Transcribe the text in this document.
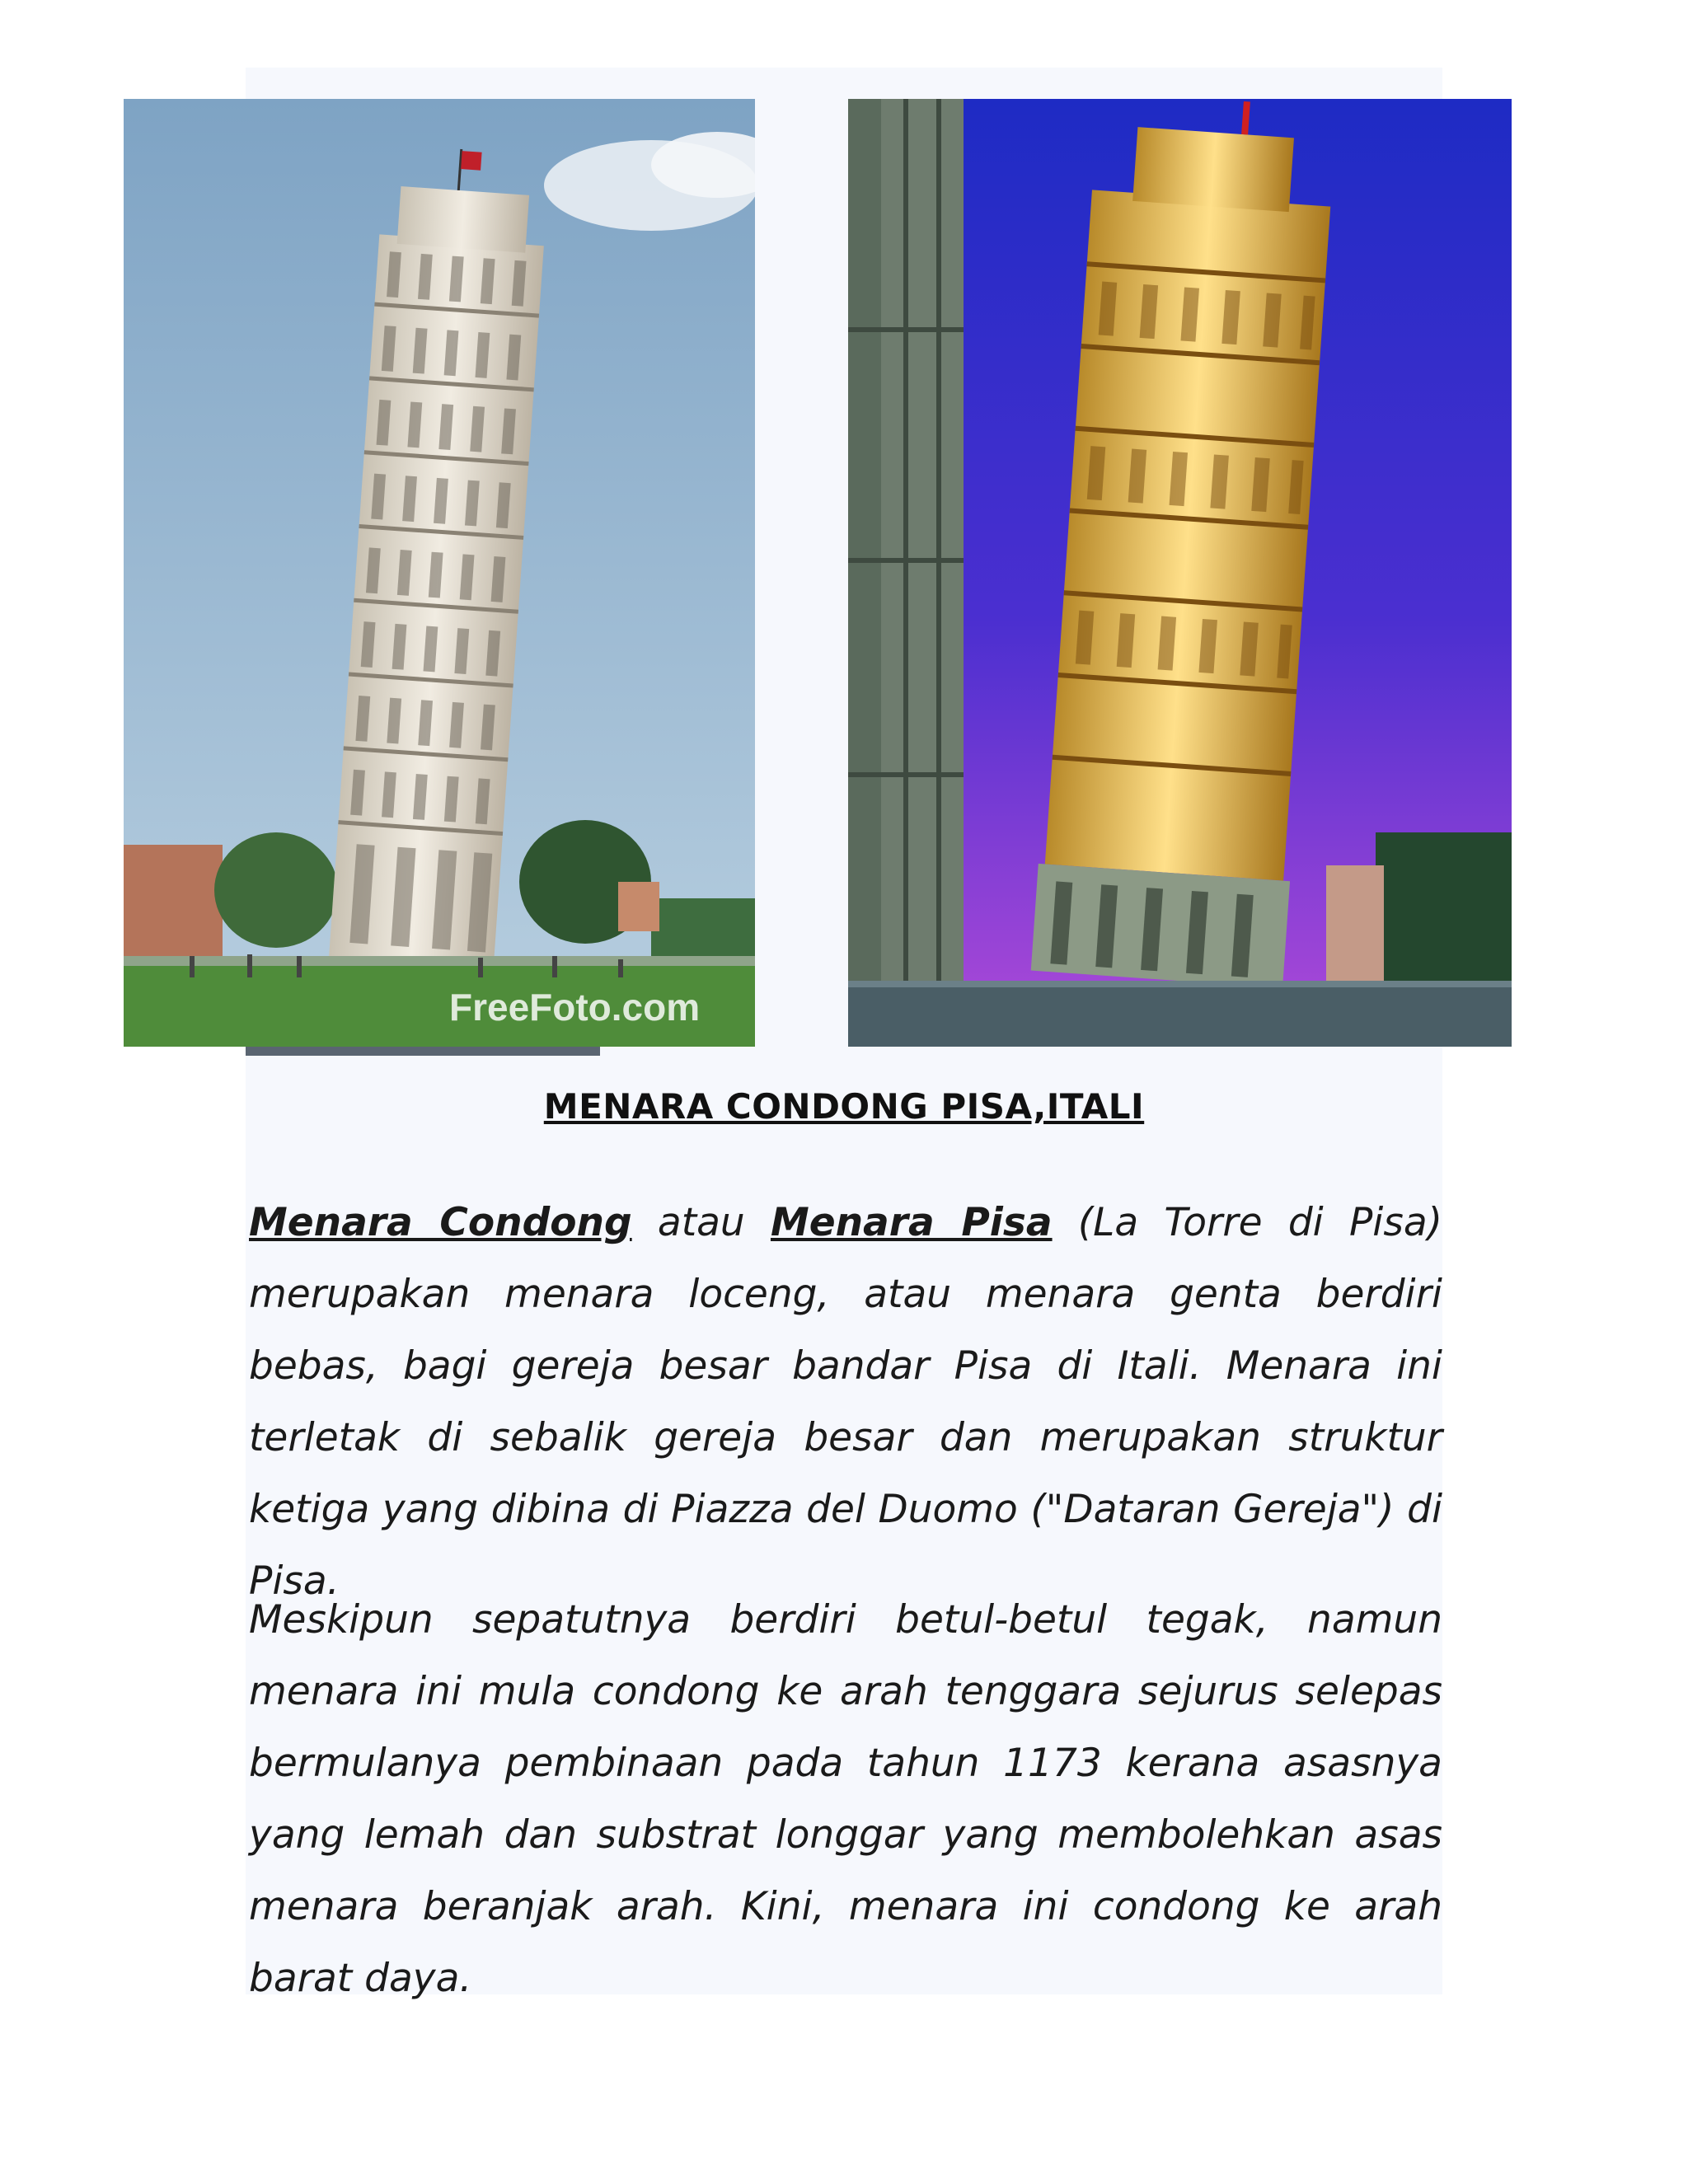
FreeFoto.com
MENARA CONDONG PISA,ITALI

Menara Condong atau Menara Pisa (La Torre di Pisa) merupakan menara loceng, atau menara genta berdiri bebas, bagi gereja besar bandar Pisa di Itali. Menara ini terletak di sebalik gereja besar dan merupakan struktur ketiga yang dibina di Piazza del Duomo ("Dataran Gereja") di Pisa.

Meskipun sepatutnya berdiri betul-betul tegak, namun menara ini mula condong ke arah tenggara sejurus selepas bermulanya pembinaan pada tahun 1173 kerana asasnya yang lemah dan substrat longgar yang membolehkan asas menara beranjak arah. Kini, menara ini condong ke arah barat daya.
